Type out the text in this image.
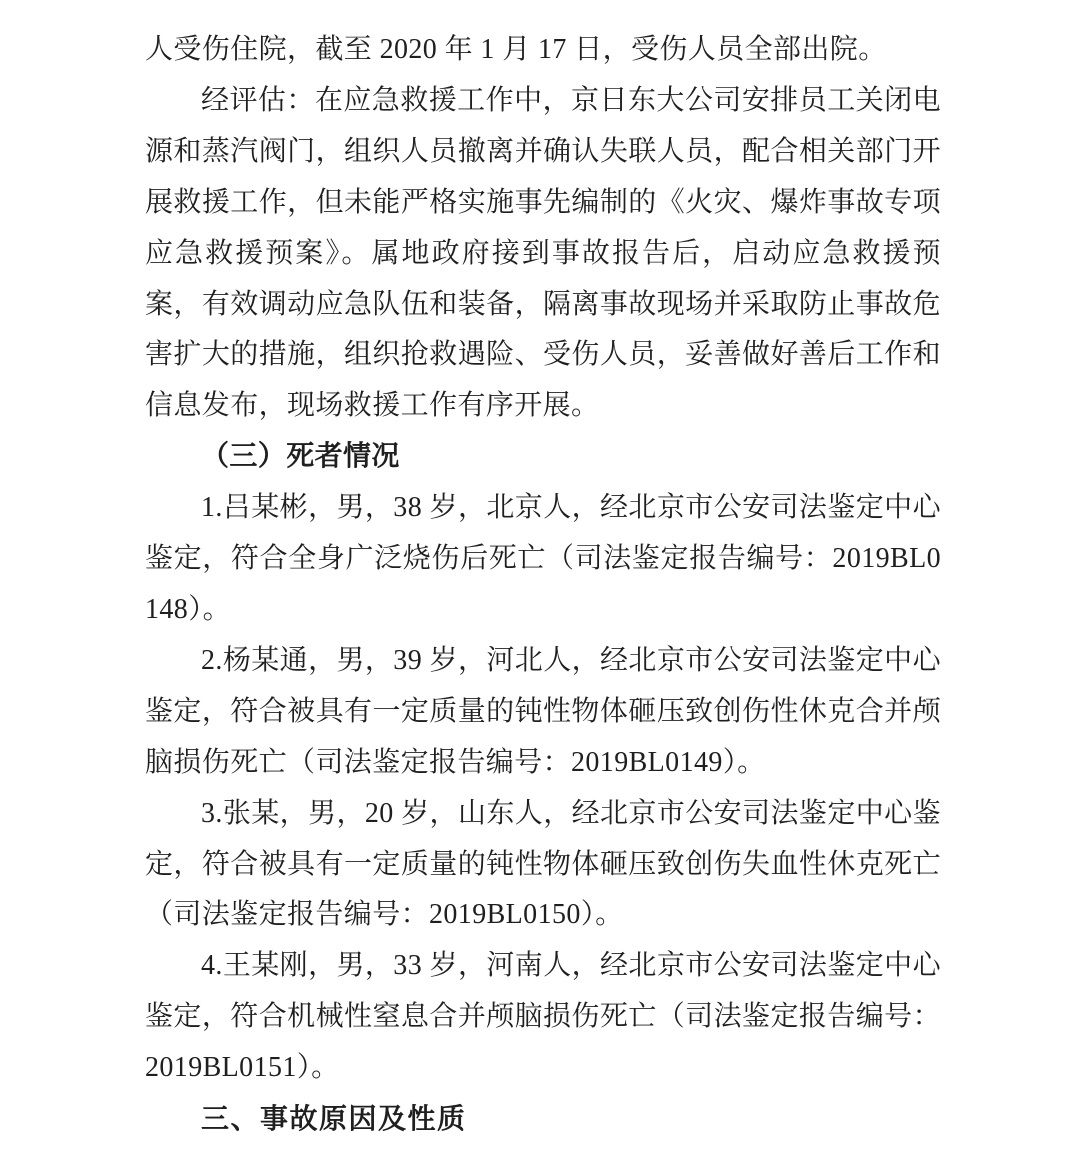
人受伤住院，截至 2020 年 1 月 17 日，受伤人员全部出院。

经评估：在应急救援工作中，京日东大公司安排员工关闭电源和蒸汽阀门，组织人员撤离并确认失联人员，配合相关部门开展救援工作，但未能严格实施事先编制的《火灾、爆炸事故专项应急救援预案》。属地政府接到事故报告后，启动应急救援预案，有效调动应急队伍和装备，隔离事故现场并采取防止事故危害扩大的措施，组织抢救遇险、受伤人员，妥善做好善后工作和信息发布，现场救援工作有序开展。

（三）死者情况

1.吕某彬，男，38 岁，北京人，经北京市公安司法鉴定中心鉴定，符合全身广泛烧伤后死亡（司法鉴定报告编号：2019BL0148）。

2.杨某通，男，39 岁，河北人，经北京市公安司法鉴定中心鉴定，符合被具有一定质量的钝性物体砸压致创伤性休克合并颅脑损伤死亡（司法鉴定报告编号：2019BL0149）。

3.张某，男，20 岁，山东人，经北京市公安司法鉴定中心鉴定，符合被具有一定质量的钝性物体砸压致创伤失血性休克死亡（司法鉴定报告编号：2019BL0150）。

4.王某刚，男，33 岁，河南人，经北京市公安司法鉴定中心鉴定，符合机械性窒息合并颅脑损伤死亡（司法鉴定报告编号：2019BL0151）。

三、事故原因及性质
